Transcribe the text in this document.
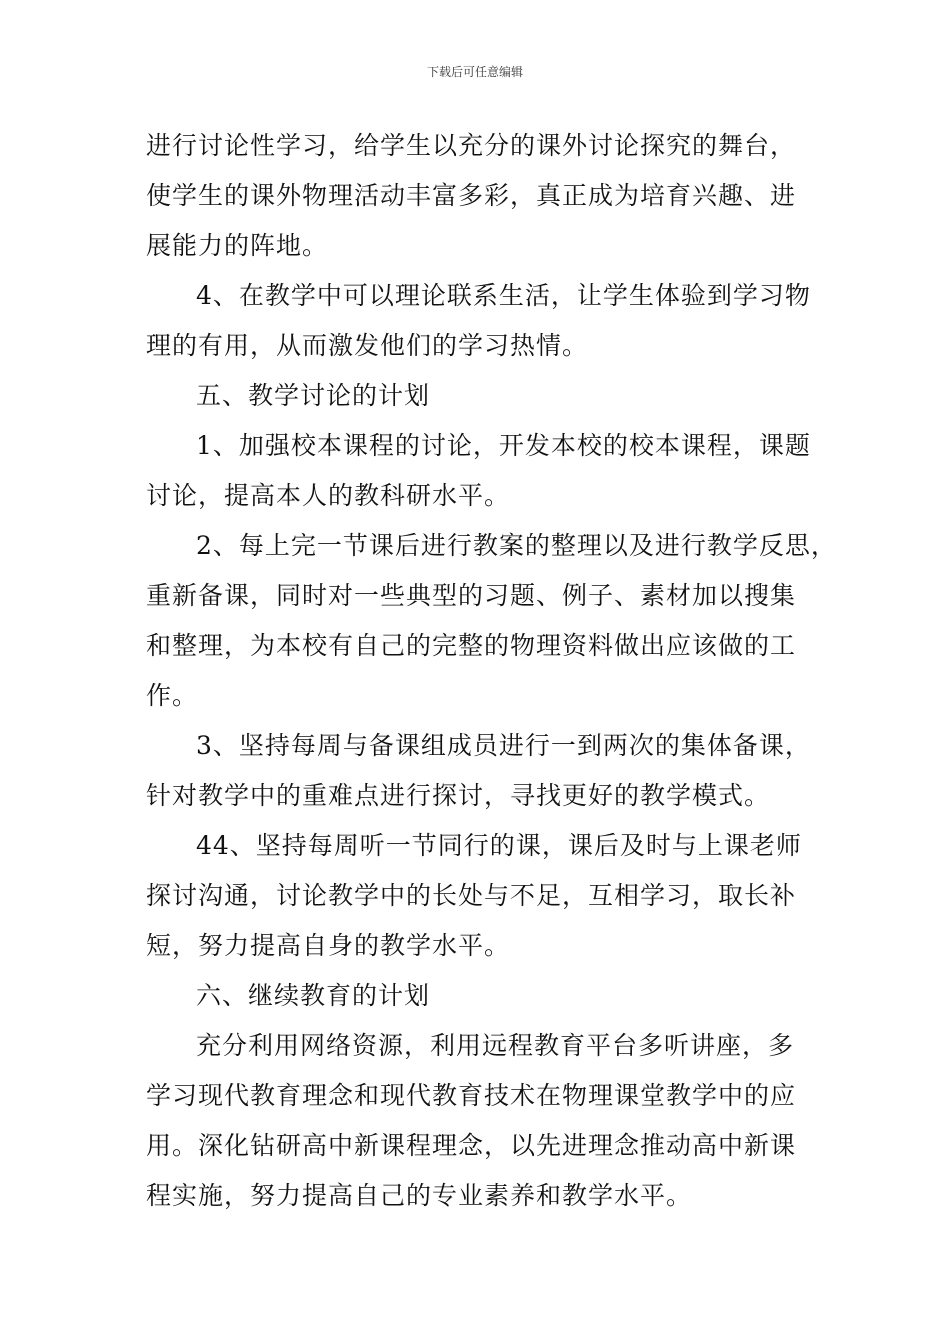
下载后可任意编辑
进行讨论性学习，给学生以充分的课外讨论探究的舞台，
使学生的课外物理活动丰富多彩，真正成为培育兴趣、进
展能力的阵地。
4、在教学中可以理论联系生活，让学生体验到学习物
理的有用，从而激发他们的学习热情。
五、教学讨论的计划
1、加强校本课程的讨论，开发本校的校本课程，课题
讨论，提高本人的教科研水平。
2、每上完一节课后进行教案的整理以及进行教学反思，
重新备课，同时对一些典型的习题、例子、素材加以搜集
和整理，为本校有自己的完整的物理资料做出应该做的工
作。
3、坚持每周与备课组成员进行一到两次的集体备课，
针对教学中的重难点进行探讨，寻找更好的教学模式。
44、坚持每周听一节同行的课，课后及时与上课老师
探讨沟通，讨论教学中的长处与不足，互相学习，取长补
短，努力提高自身的教学水平。
六、继续教育的计划
充分利用网络资源，利用远程教育平台多听讲座，多
学习现代教育理念和现代教育技术在物理课堂教学中的应
用。深化钻研高中新课程理念，以先进理念推动高中新课
程实施，努力提高自己的专业素养和教学水平。
